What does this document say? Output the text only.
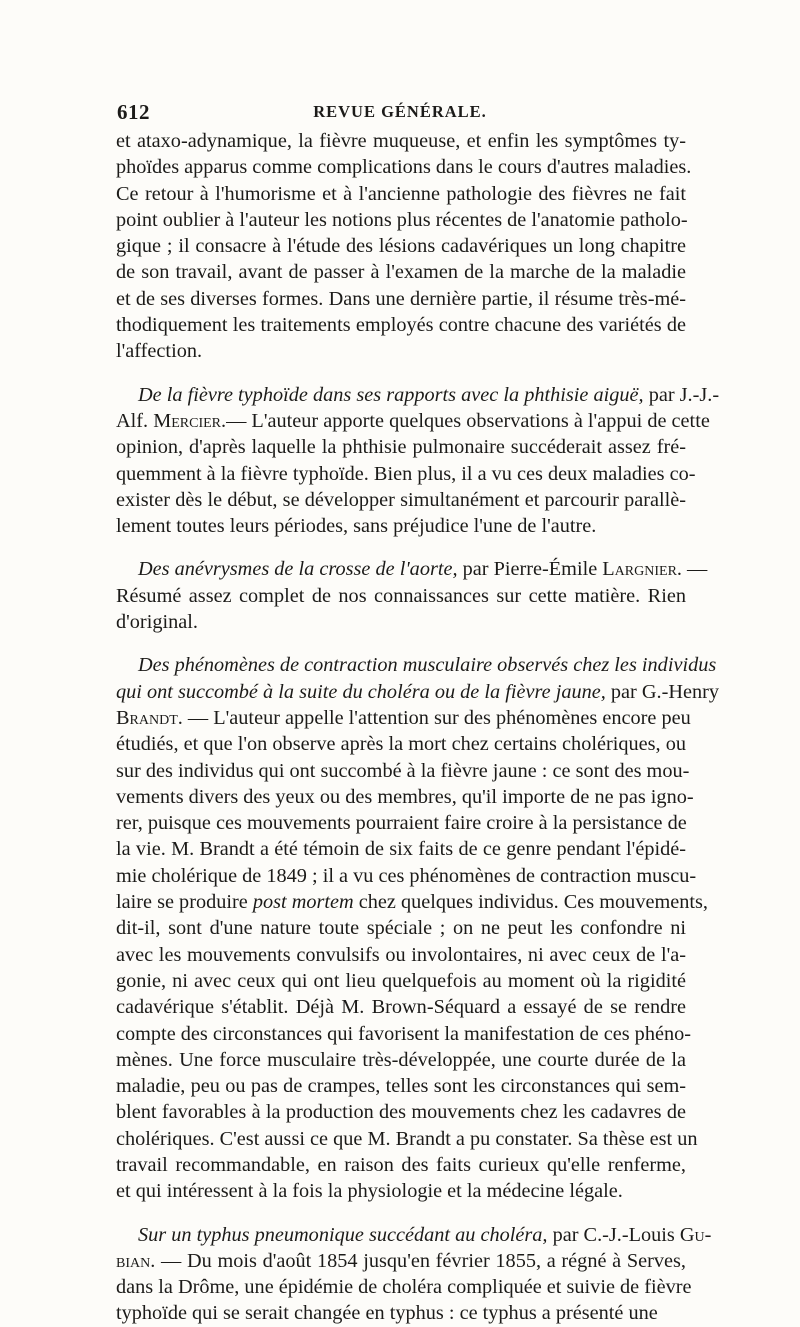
612	REVUE GÉNÉRALE.
et ataxo-adynamique, la fièvre muqueuse, et enfin les symptômes ty-
phoïdes apparus comme complications dans le cours d'autres maladies.
Ce retour à l'humorisme et à l'ancienne pathologie des fièvres ne fait
point oublier à l'auteur les notions plus récentes de l'anatomie patholo-
gique ; il consacre à l'étude des lésions cadavériques un long chapitre
de son travail, avant de passer à l'examen de la marche de la maladie
et de ses diverses formes. Dans une dernière partie, il résume très-mé-
thodiquement les traitements employés contre chacune des variétés de
l'affection.
De la fièvre typhoïde dans ses rapports avec la phthisie aiguë, par J.-J.-
Alf. Mercier.— L'auteur apporte quelques observations à l'appui de cette
opinion, d'après laquelle la phthisie pulmonaire succéderait assez fré-
quemment à la fièvre typhoïde. Bien plus, il a vu ces deux maladies co-
exister dès le début, se développer simultanément et parcourir parallè-
lement toutes leurs périodes, sans préjudice l'une de l'autre.
Des anévrysmes de la crosse de l'aorte, par Pierre-Émile Largnier. —
Résumé assez complet de nos connaissances sur cette matière. Rien
d'original.
Des phénomènes de contraction musculaire observés chez les individus
qui ont succombé à la suite du choléra ou de la fièvre jaune, par G.-Henry
Brandt. — L'auteur appelle l'attention sur des phénomènes encore peu
étudiés, et que l'on observe après la mort chez certains cholériques, ou
sur des individus qui ont succombé à la fièvre jaune : ce sont des mou-
vements divers des yeux ou des membres, qu'il importe de ne pas igno-
rer, puisque ces mouvements pourraient faire croire à la persistance de
la vie. M. Brandt a été témoin de six faits de ce genre pendant l'épidé-
mie cholérique de 1849 ; il a vu ces phénomènes de contraction muscu-
laire se produire post mortem chez quelques individus. Ces mouvements,
dit-il, sont d'une nature toute spéciale ; on ne peut les confondre ni
avec les mouvements convulsifs ou involontaires, ni avec ceux de l'a-
gonie, ni avec ceux qui ont lieu quelquefois au moment où la rigidité
cadavérique s'établit. Déjà M. Brown-Séquard a essayé de se rendre
compte des circonstances qui favorisent la manifestation de ces phéno-
mènes. Une force musculaire très-développée, une courte durée de la
maladie, peu ou pas de crampes, telles sont les circonstances qui sem-
blent favorables à la production des mouvements chez les cadavres de
cholériques. C'est aussi ce que M. Brandt a pu constater. Sa thèse est un
travail recommandable, en raison des faits curieux qu'elle renferme,
et qui intéressent à la fois la physiologie et la médecine légale.
Sur un typhus pneumonique succédant au choléra, par C.-J.-Louis Gu-
bian. — Du mois d'août 1854 jusqu'en février 1855, a régné à Serves,
dans la Drôme, une épidémie de choléra compliquée et suivie de fièvre
typhoïde qui se serait changée en typhus : ce typhus a présenté une
